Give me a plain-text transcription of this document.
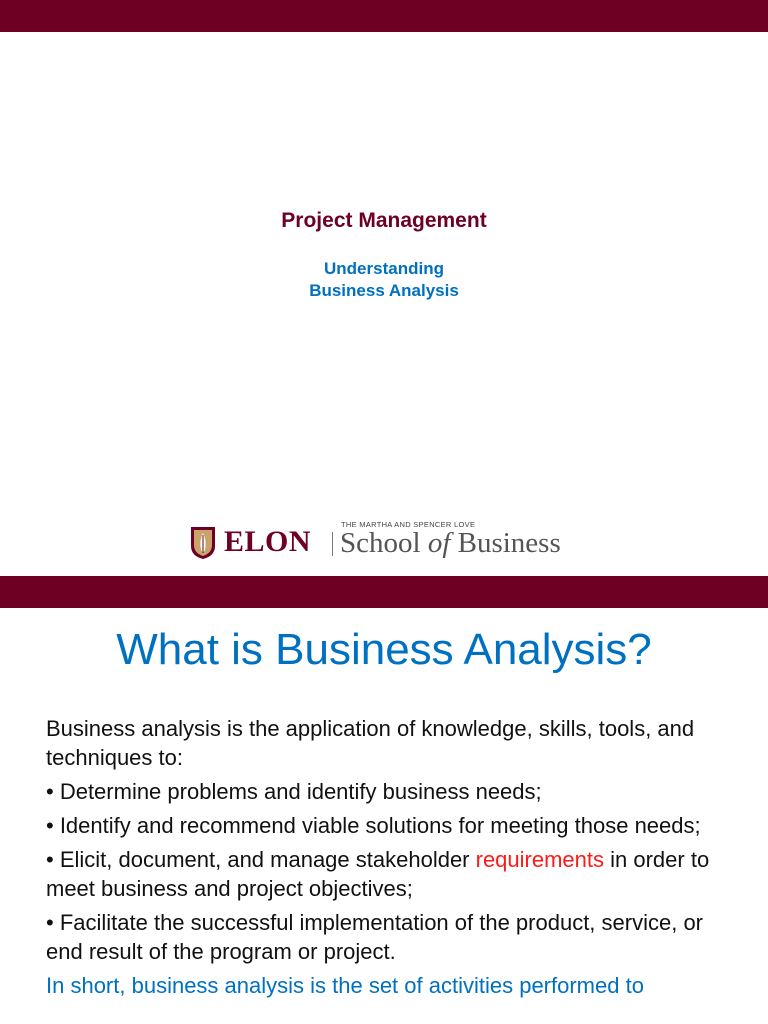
Project Management
Understanding
Business Analysis
ELON
THE MARTHA AND SPENCER LOVE
School of Business
What is Business Analysis?

Business analysis is the application of knowledge, skills, tools, and techniques to:

• Determine problems and identify business needs;

• Identify and recommend viable solutions for meeting those needs;

• Elicit, document, and manage stakeholder requirements in order to meet business and project objectives;

• Facilitate the successful implementation of the product, service, or end result of the program or project.

In short, business analysis is the set of activities performed to
